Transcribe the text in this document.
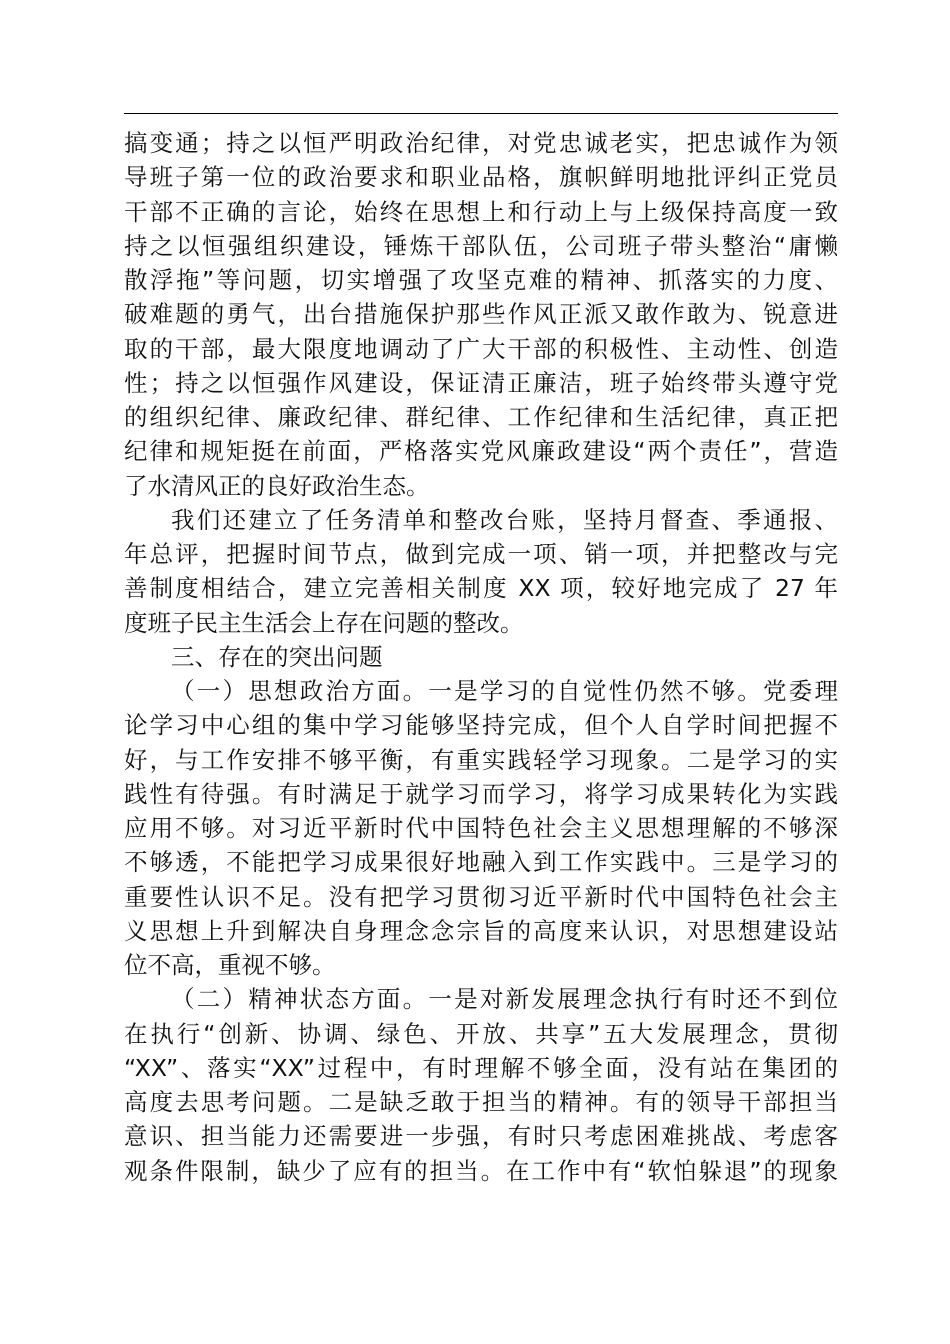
搞变通；持之以恒严明政治纪律，对党忠诚老实，把忠诚作为领
导班子第一位的政治要求和职业品格，旗帜鲜明地批评纠正党员
干部不正确的言论，始终在思想上和行动上与上级保持高度一致
持之以恒强组织建设，锤炼干部队伍，公司班子带头整治“庸懒
散浮拖”等问题，切实增强了攻坚克难的精神、抓落实的力度、
破难题的勇气，出台措施保护那些作风正派又敢作敢为、锐意进
取的干部，最大限度地调动了广大干部的积极性、主动性、创造
性；持之以恒强作风建设，保证清正廉洁，班子始终带头遵守党
的组织纪律、廉政纪律、群纪律、工作纪律和生活纪律，真正把
纪律和规矩挺在前面，严格落实党风廉政建设“两个责任”，营造
了水清风正的良好政治生态。
我们还建立了任务清单和整改台账，坚持月督查、季通报、
年总评，把握时间节点，做到完成一项、销一项，并把整改与完
善制度相结合，建立完善相关制度 XX 项，较好地完成了 27 年
度班子民主生活会上存在问题的整改。
三、存在的突出问题
（一）思想政治方面。一是学习的自觉性仍然不够。党委理
论学习中心组的集中学习能够坚持完成，但个人自学时间把握不
好，与工作安排不够平衡，有重实践轻学习现象。二是学习的实
践性有待强。有时满足于就学习而学习，将学习成果转化为实践
应用不够。对习近平新时代中国特色社会主义思想理解的不够深
不够透，不能把学习成果很好地融入到工作实践中。三是学习的
重要性认识不足。没有把学习贯彻习近平新时代中国特色社会主
义思想上升到解决自身理念念宗旨的高度来认识，对思想建设站
位不高，重视不够。
（二）精神状态方面。一是对新发展理念执行有时还不到位
在执行“创新、协调、绿色、开放、共享”五大发展理念，贯彻
“XX”、落实“XX”过程中，有时理解不够全面，没有站在集团的
高度去思考问题。二是缺乏敢于担当的精神。有的领导干部担当
意识、担当能力还需要进一步强，有时只考虑困难挑战、考虑客
观条件限制，缺少了应有的担当。在工作中有“软怕躲退”的现象
